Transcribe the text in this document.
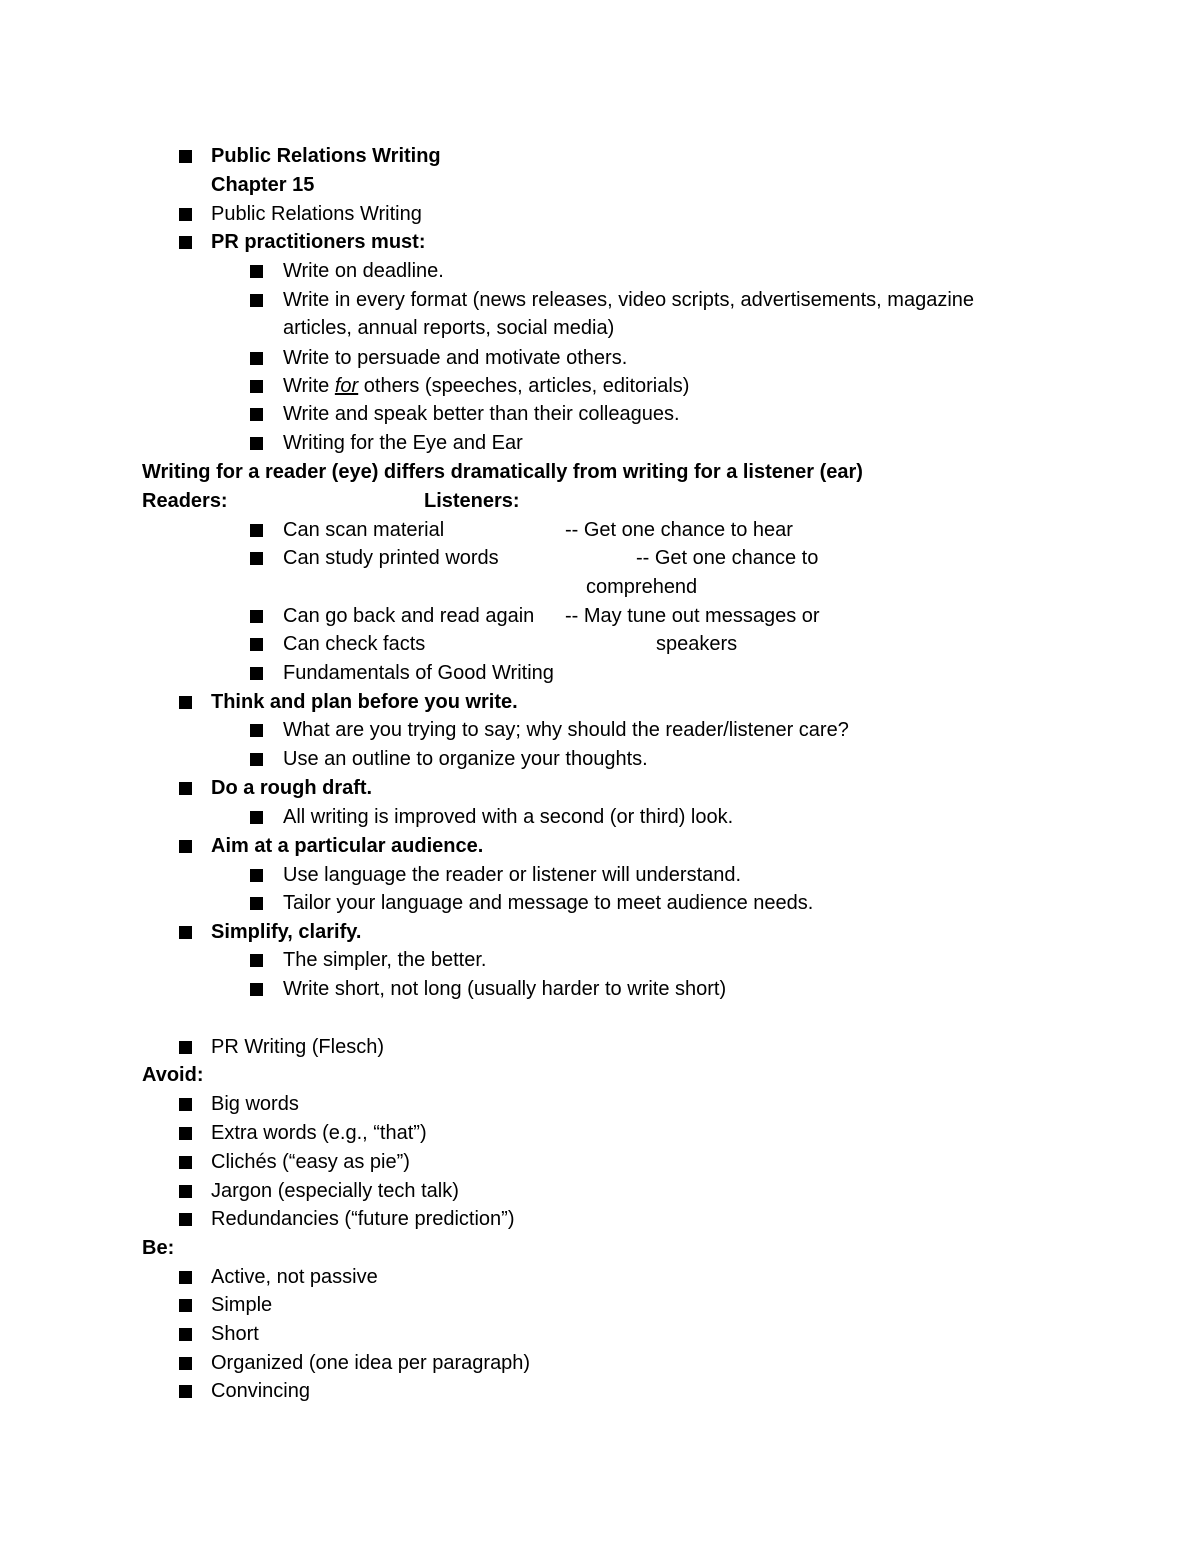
Public Relations Writing
Chapter 15
Public Relations Writing
PR practitioners must:
Write on deadline.
Write in every format (news releases, video scripts, advertisements, magazine
articles, annual reports, social media)
Write to persuade and motivate others.
Write for others (speeches, articles, editorials)
Write and speak better than their colleagues.
Writing for the Eye and Ear
Writing for a reader (eye) differs dramatically from writing for a listener (ear)
Readers:	Listeners:
Can scan material	-- Get one chance to hear
Can study printed words	-- Get one chance to
comprehend
Can go back and read again -- May tune out messages or
Can check facts	speakers
Fundamentals of Good Writing
Think and plan before you write.
What are you trying to say; why should the reader/listener care?
Use an outline to organize your thoughts.
Do a rough draft.
All writing is improved with a second (or third) look.
Aim at a particular audience.
Use language the reader or listener will understand.
Tailor your language and message to meet audience needs.
Simplify, clarify.
The simpler, the better.
Write short, not long (usually harder to write short)
PR Writing (Flesch)
Avoid:
Big words
Extra words (e.g., “that”)
Clichés (“easy as pie”)
Jargon (especially tech talk)
Redundancies (“future prediction”)
Be:
Active, not passive
Simple
Short
Organized (one idea per paragraph)
Convincing
